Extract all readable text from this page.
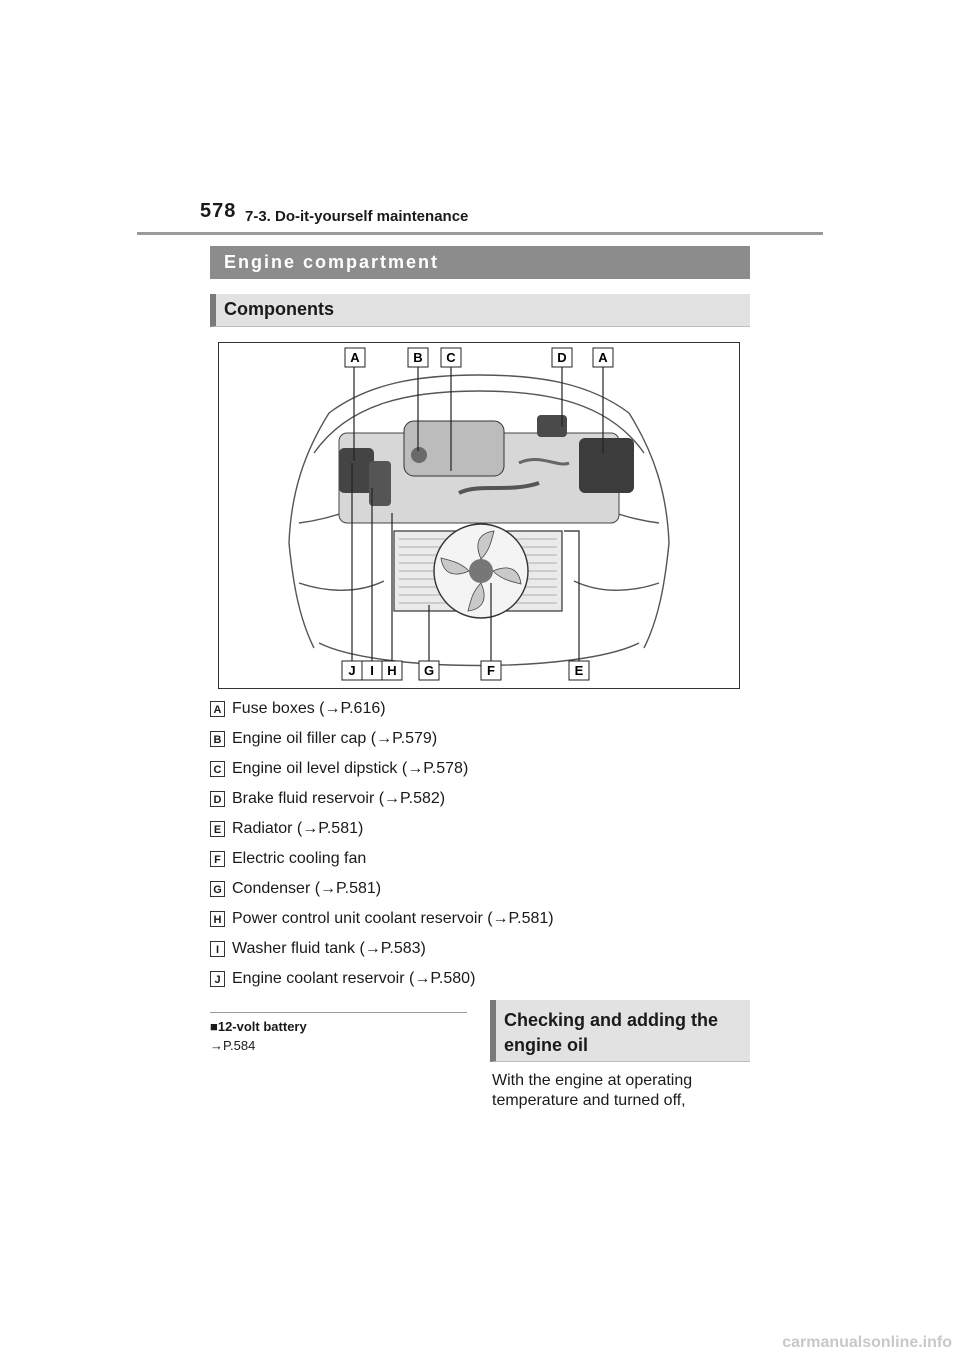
578 7-3. Do-it-yourself maintenance
Engine compartment
Components
A	B C	D A
J I H G	F	E
A Fuse boxes (→P.616)
B Engine oil filler cap (→P.579)
C Engine oil level dipstick (→P.578)
D Brake fluid reservoir (→P.582)
E Radiator (→P.581)
F Electric cooling fan
G Condenser (→P.581)
H Power control unit coolant reservoir (→P.581)
I Washer fluid tank (→P.583)
J Engine coolant reservoir (→P.580)
■12-volt battery
→P.584
Checking and adding the engine oil
With the engine at operating temperature and turned off,
carmanualsonline.info
